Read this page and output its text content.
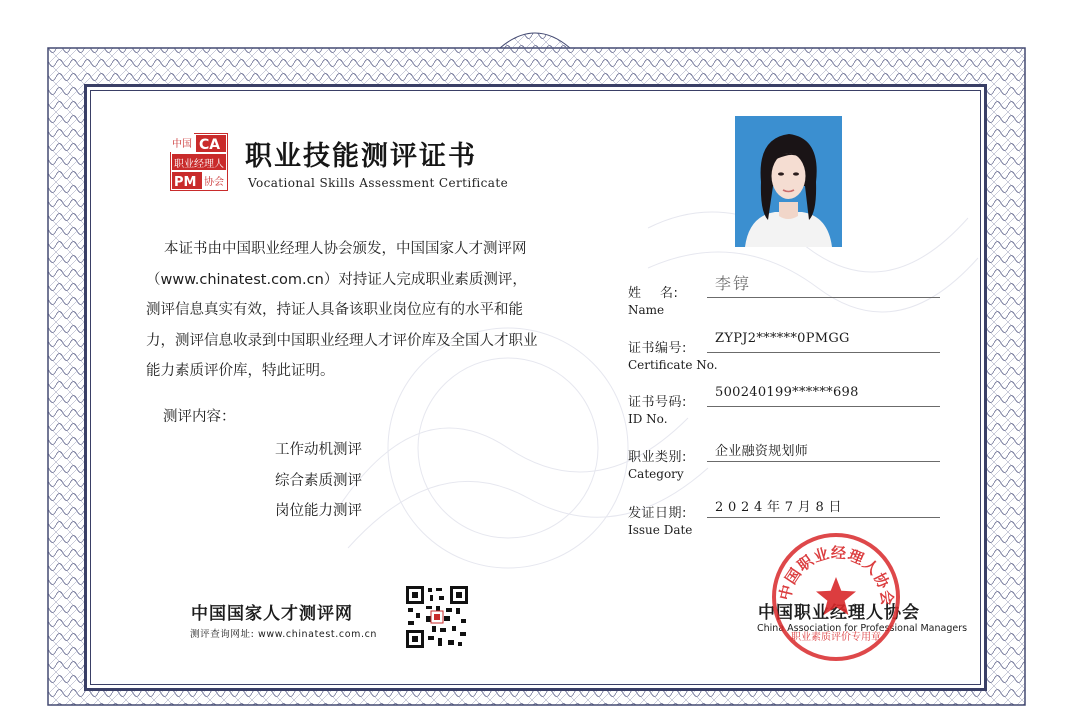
中国 CA
职业经理人
PM 协会
职业技能测评证书
Vocational Skills Assessment Certificate
本证书由中国职业经理人协会颁发，中国国家人才测评网（www.chinatest.com.cn）对持证人完成职业素质测评，测评信息真实有效，持证人具备该职业岗位应有的水平和能力，测评信息收录到中国职业经理人才评价库及全国人才职业能力素质评价库，特此证明。
测评内容：
工作动机测评
综合素质测评
岗位能力测评
中国国家人才测评网
测评查询网址: www.chinatest.com.cn
姓    名:
Name
李𬭚
证书编号:
Certificate No.
ZYPJ2******0PMGG
证书号码:
ID No.
500240199******698
职业类别:
Category
企业融资规划师
发证日期:
Issue Date
2 0 2 4 年 7 月 8 日
中国职业经理人协会
China Association for Professional Managers
中国职业经理人协会
职业素质评价专用章
